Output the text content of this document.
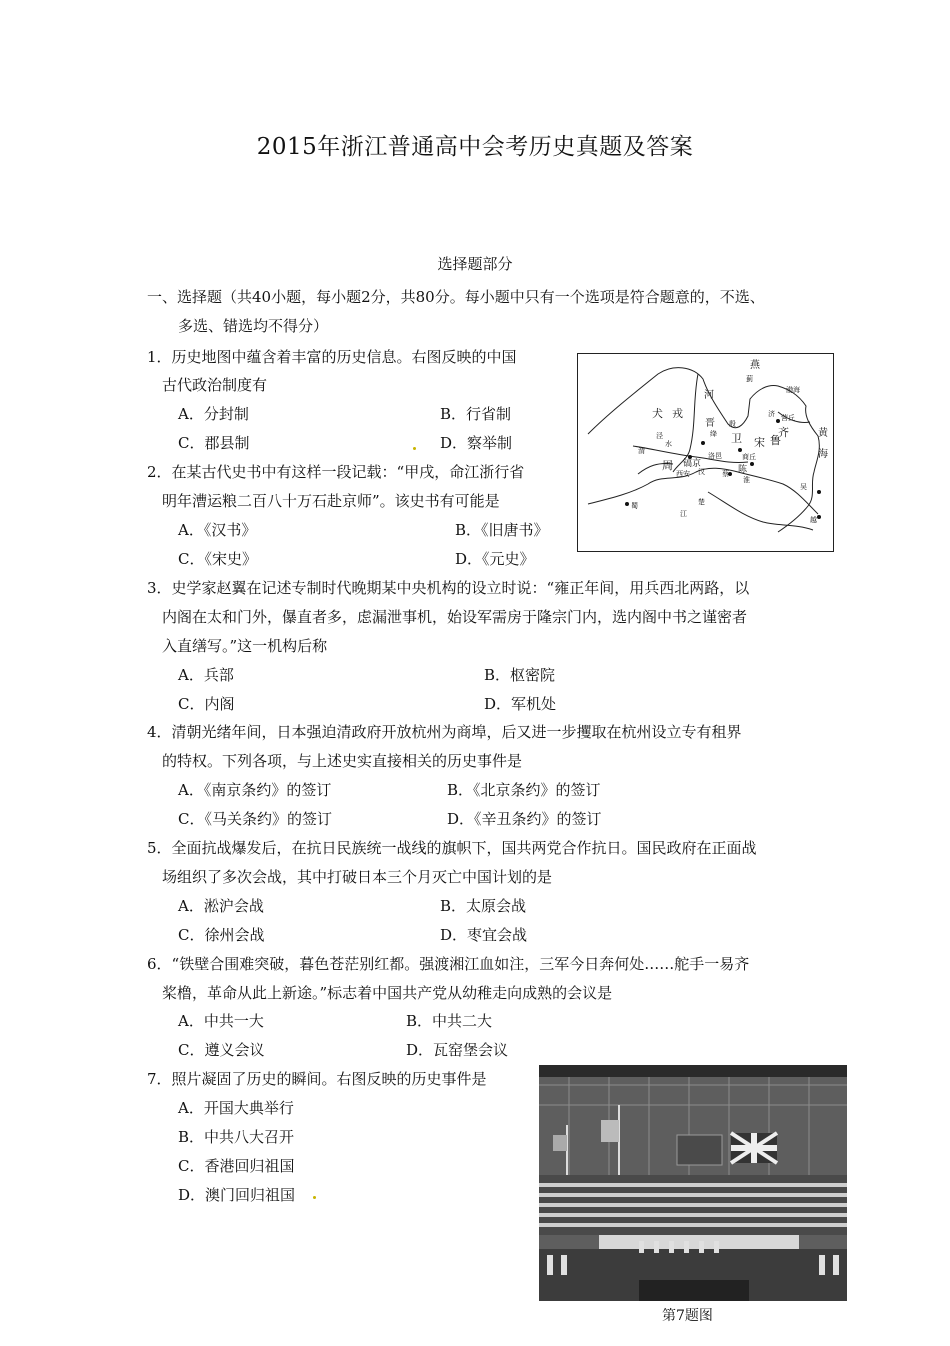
2015年浙江普通高中会考历史真题及答案
选择题部分
一、选择题（共40小题，每小题2分，共80分。每小题中只有一个选项是符合题意的，不选、
多选、错选均不得分）
1．历史地图中蕴含着丰富的历史信息。右图反映的中国
古代政治制度有
A．分封制	B．行省制
C．郡县制	D．察举制
2．在某古代史书中有这样一段记载：“甲戌，命江浙行省
明年漕运粮二百八十万石赴京师”。该史书有可能是
A．《汉书》	B．《旧唐书》
C．《宋史》	D．《元史》
燕
蓟
渤海
河
犬 戎
晋
绛
殷
济 营丘
齐	黄
海
卫 宋 鲁
泾
水
渭
镐京
洛邑	商丘
周
西安	蔡 陈
淮
汉
楚
吴
蜀
江
越
3．史学家赵翼在记述专制时代晚期某中央机构的设立时说：“雍正年间，用兵西北两路，以
内阁在太和门外，儤直者多，虑漏泄事机，始设军需房于隆宗门内，选内阁中书之谨密者
入直缮写。”这一机构后称
A．兵部	B．枢密院
C．内阁	D．军机处
4．清朝光绪年间，日本强迫清政府开放杭州为商埠，后又进一步攫取在杭州设立专有租界
的特权。下列各项，与上述史实直接相关的历史事件是
A．《南京条约》的签订	B．《北京条约》的签订
C．《马关条约》的签订	D．《辛丑条约》的签订
5．全面抗战爆发后，在抗日民族统一战线的旗帜下，国共两党合作抗日。国民政府在正面战
场组织了多次会战，其中打破日本三个月灭亡中国计划的是
A．淞沪会战	B．太原会战
C．徐州会战	D．枣宜会战
6．“铁壁合围难突破，暮色苍茫别红都。强渡湘江血如注，三军今日奔何处……舵手一易齐
桨橹，革命从此上新途。”标志着中国共产党从幼稚走向成熟的会议是
A．中共一大	B．中共二大
C．遵义会议	D．瓦窑堡会议
7．照片凝固了历史的瞬间。右图反映的历史事件是
A．开国大典举行
B．中共八大召开
C．香港回归祖国
D．澳门回归祖国
第7题图
